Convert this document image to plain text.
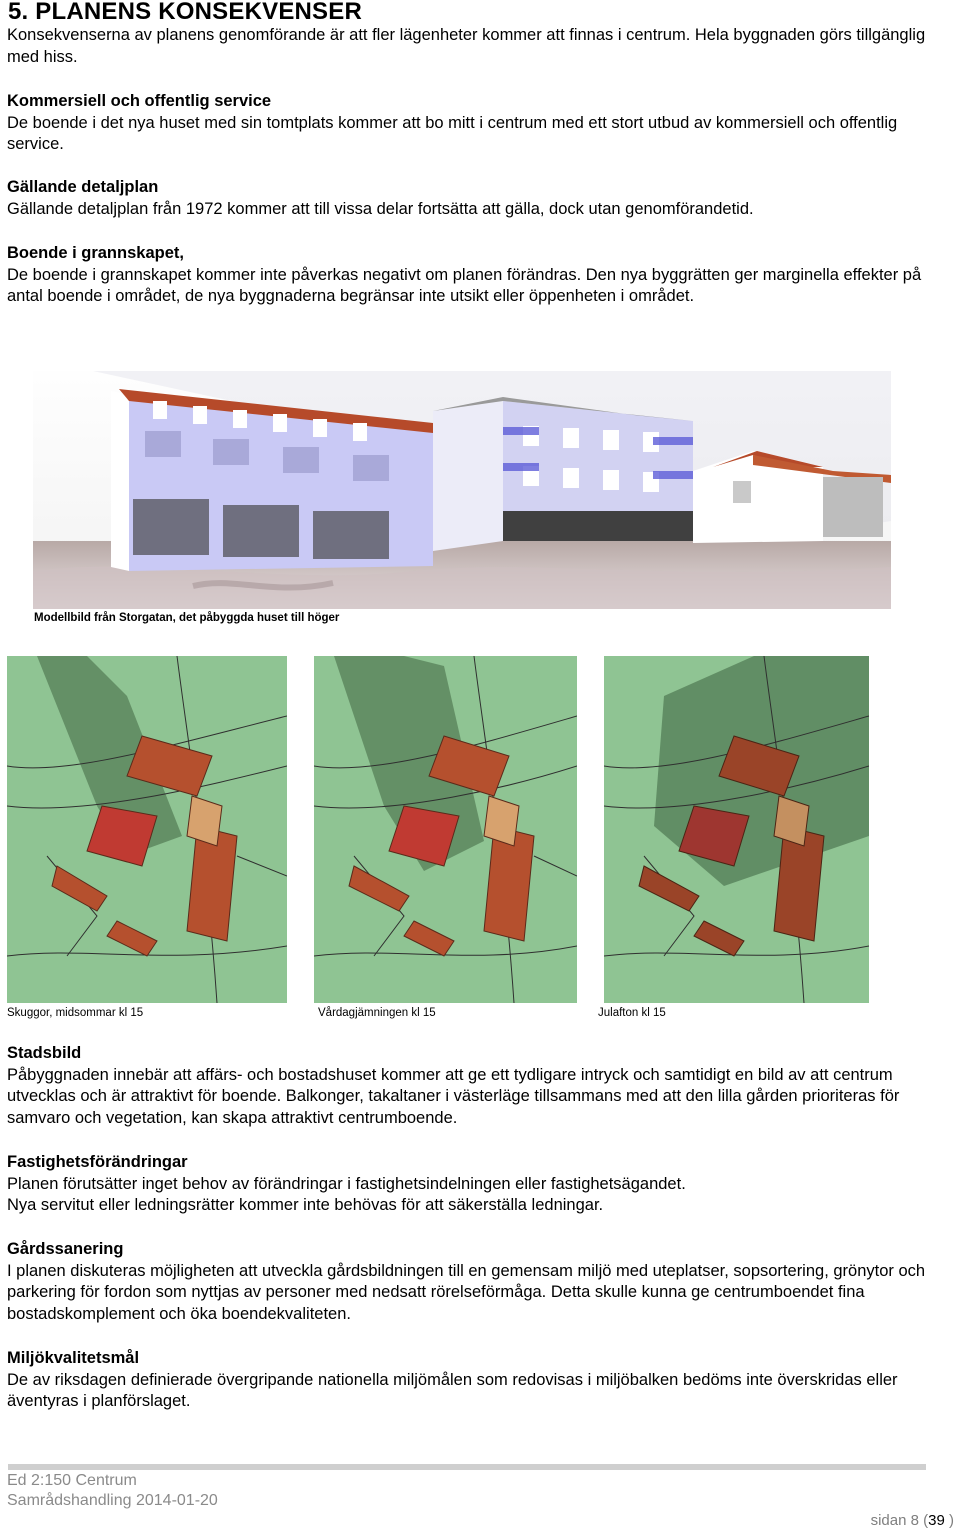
5. PLANENS KONSEKVENSER
Konsekvenserna av planens genomförande är att fler lägenheter kommer att finnas i centrum. Hela byggnaden görs tillgänglig med hiss.
Kommersiell och offentlig service
De boende i det nya huset med sin tomtplats kommer att bo mitt i centrum med ett stort utbud av kommersiell och offentlig service.
Gällande detaljplan
Gällande detaljplan från 1972 kommer att till vissa delar fortsätta att gälla, dock utan genomförandetid.
Boende i grannskapet,
De boende i grannskapet kommer inte påverkas negativt om planen förändras. Den nya byggrätten ger marginella effekter på antal boende i området, de nya byggnaderna begränsar inte utsikt eller öppenheten i området.
Modellbild från Storgatan, det påbyggda huset till höger
Skuggor, midsommar kl 15	Vårdagjämningen kl 15	Julafton kl 15
Stadsbild
Påbyggnaden innebär att affärs- och bostadshuset kommer att ge ett tydligare intryck och samtidigt en bild av att centrum utvecklas och är attraktivt för boende. Balkonger, takaltaner i västerläge tillsammans med att den lilla gården prioriteras för samvaro och vegetation, kan skapa attraktivt centrumboende.
Fastighetsförändringar
Planen förutsätter inget behov av förändringar i fastighetsindelningen eller fastighetsägandet.
Nya servitut eller ledningsrätter kommer inte behövas för att säkerställa ledningar.
Gårdssanering
I planen diskuteras möjligheten att utveckla gårdsbildningen till en gemensam miljö med uteplatser, sopsortering, grönytor och parkering för fordon som nyttjas av personer med nedsatt rörelseförmåga. Detta skulle kunna ge centrumboendet fina bostadskomplement och öka boendekvaliteten.
Miljökvalitetsmål
De av riksdagen definierade övergripande nationella miljömålen som redovisas i miljöbalken bedöms inte överskridas eller äventyras i planförslaget.
Ed 2:150 Centrum
Samrådshandling 2014-01-20
sidan 8 (39 )
